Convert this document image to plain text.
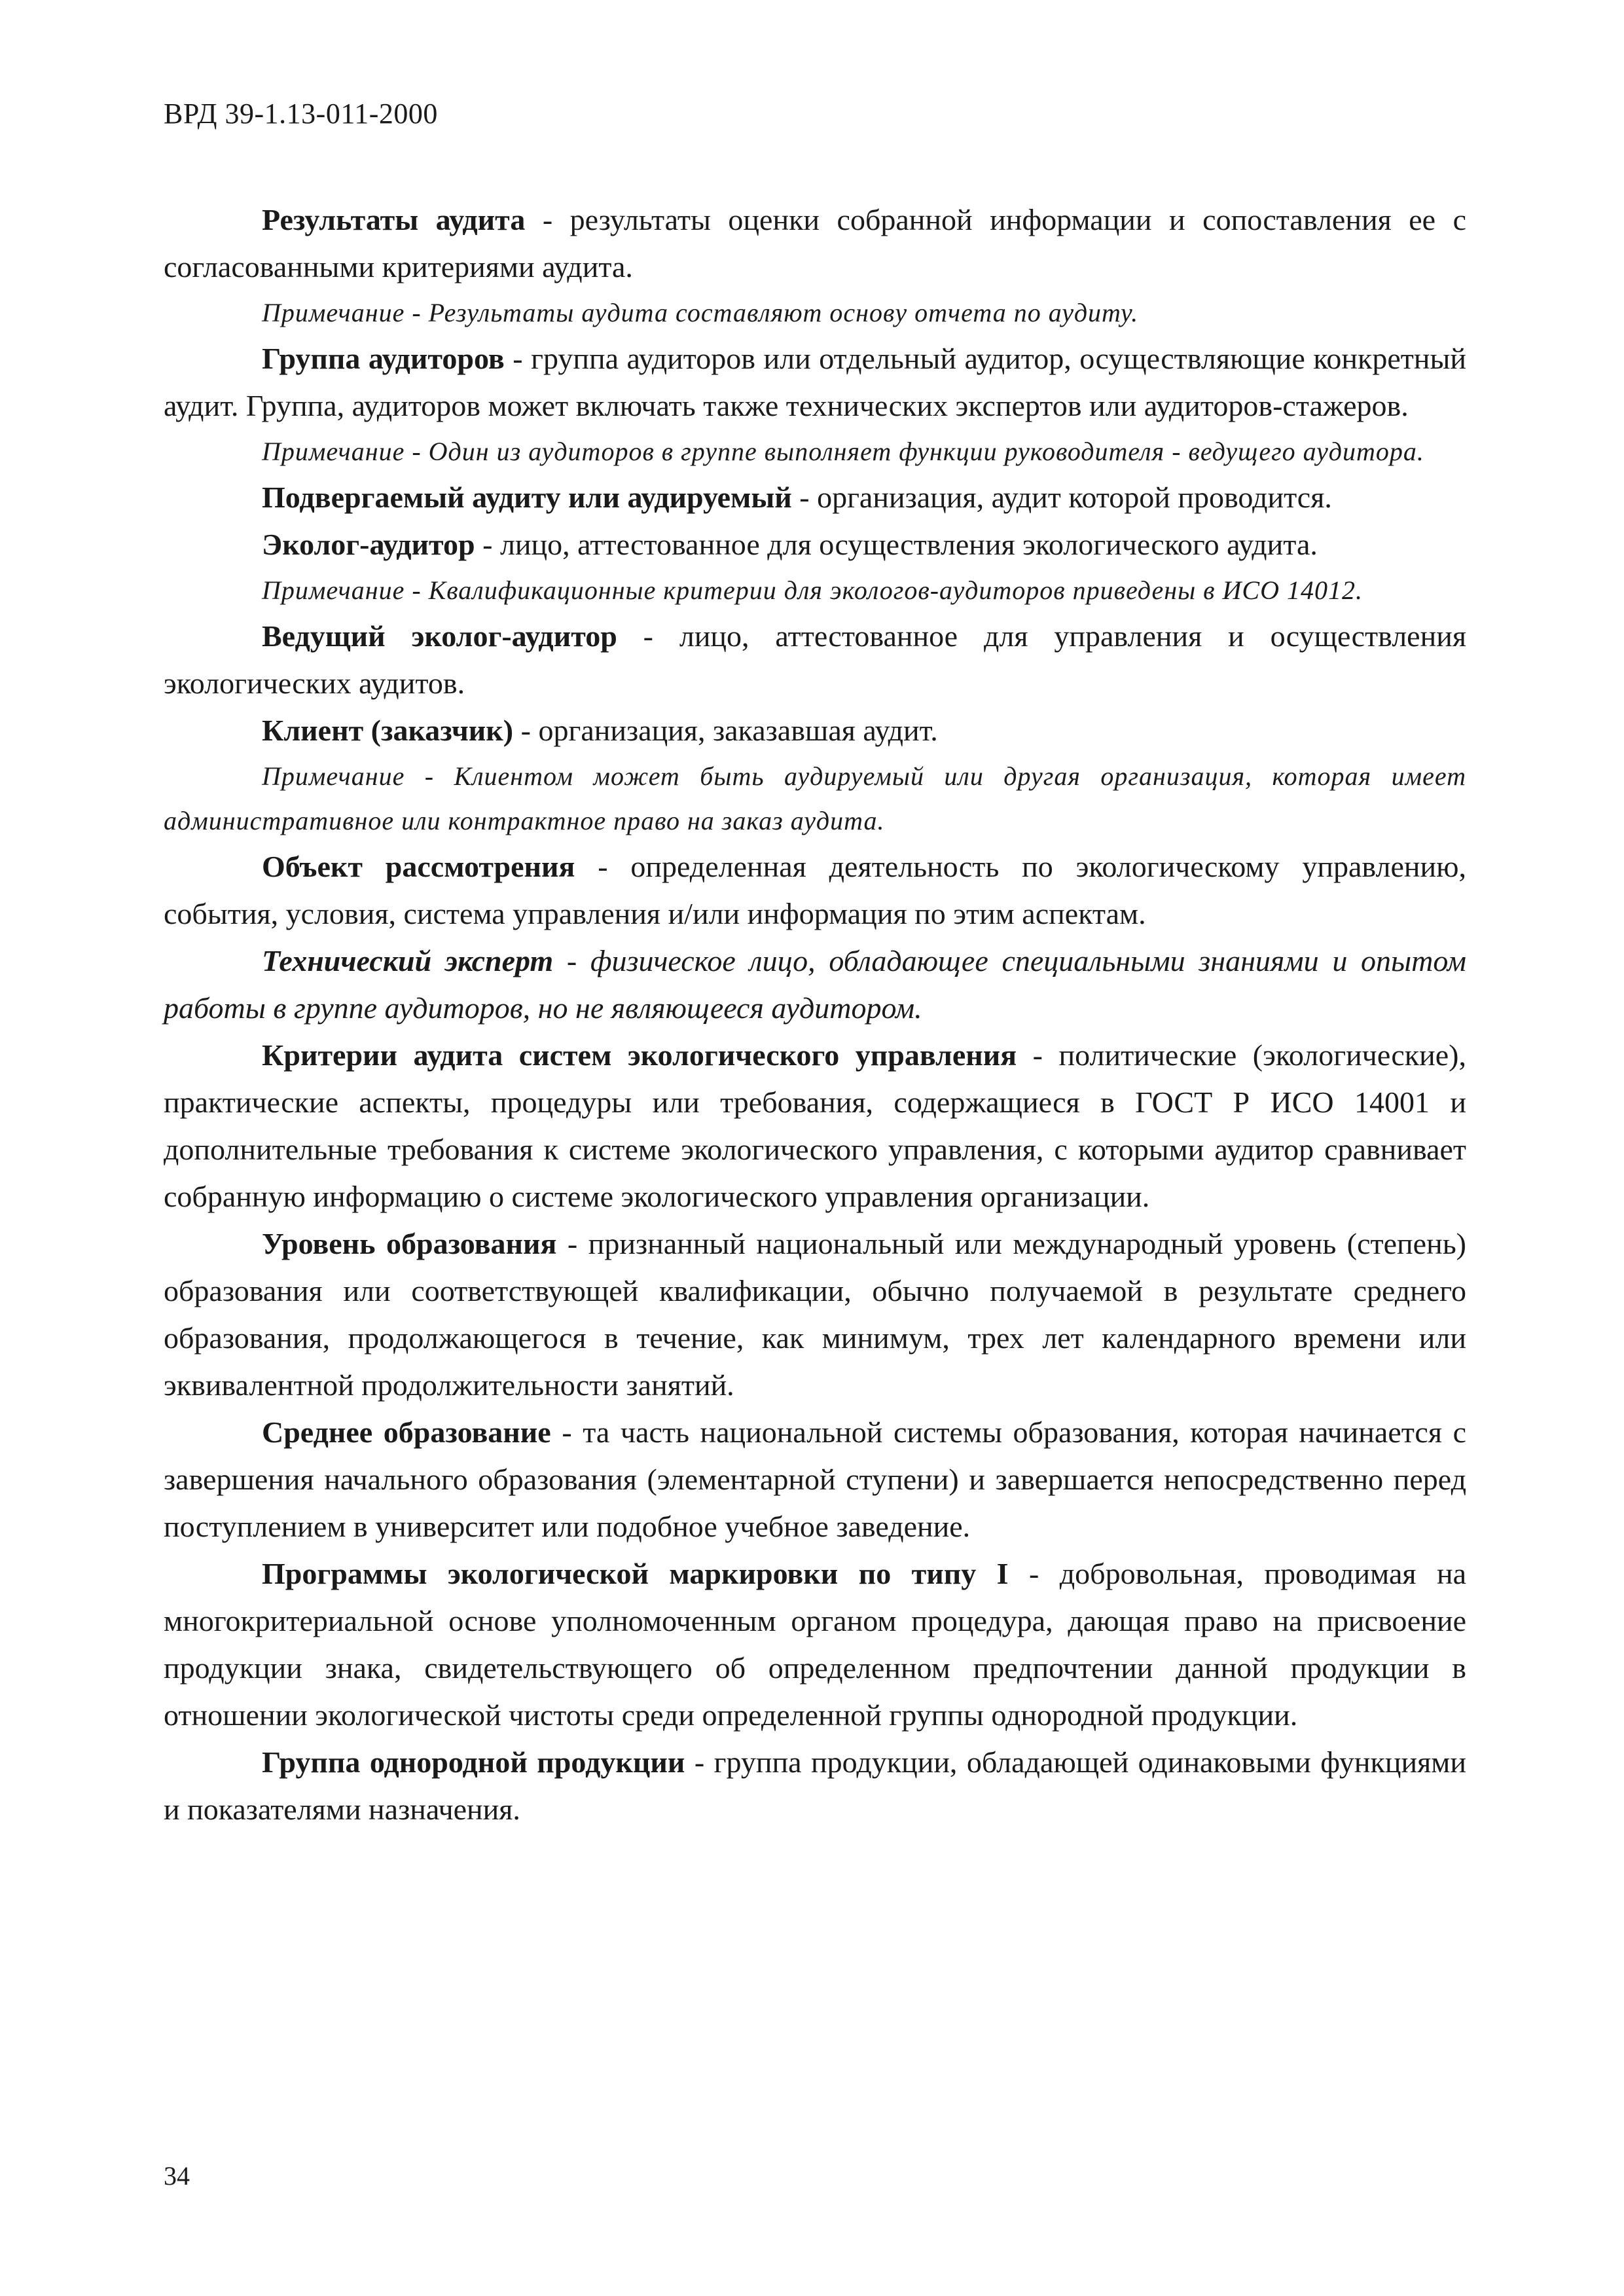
ВРД 39-1.13-011-2000

Результаты аудита - результаты оценки собранной информации и сопоставления ее с согласованными критериями аудита.

Примечание - Результаты аудита составляют основу отчета по аудиту.

Группа аудиторов - группа аудиторов или отдельный аудитор, осуществляющие конкретный аудит. Группа, аудиторов может включать также технических экспертов или аудиторов-стажеров.

Примечание - Один из аудиторов в группе выполняет функции руководителя - ведущего аудитора.

Подвергаемый аудиту или аудируемый - организация, аудит которой проводится.

Эколог-аудитор - лицо, аттестованное для осуществления экологического аудита.

Примечание - Квалификационные критерии для экологов-аудиторов приведены в ИСО 14012.

Ведущий эколог-аудитор - лицо, аттестованное для управления и осуществления экологических аудитов.

Клиент (заказчик) - организация, заказавшая аудит.

Примечание - Клиентом может быть аудируемый или другая организация, которая имеет административное или контрактное право на заказ аудита.

Объект рассмотрения - определенная деятельность по экологическому управлению, события, условия, система управления и/или информация по этим аспектам.

Технический эксперт - физическое лицо, обладающее специальными знаниями и опытом работы в группе аудиторов, но не являющееся аудитором.

Критерии аудита систем экологического управления - политические (экологические), практические аспекты, процедуры или требования, содержащиеся в ГОСТ Р ИСО 14001 и дополнительные требования к системе экологического управления, с которыми аудитор сравнивает собранную информацию о системе экологического управления организации.

Уровень образования - признанный национальный или международный уровень (степень) образования или соответствующей квалификации, обычно получаемой в результате среднего образования, продолжающегося в течение, как минимум, трех лет календарного времени или эквивалентной продолжительности занятий.

Среднее образование - та часть национальной системы образования, которая начинается с завершения начального образования (элементарной ступени) и завершается непосредственно перед поступлением в университет или подобное учебное заведение.

Программы экологической маркировки по типу I - добровольная, проводимая на многокритериальной основе уполномоченным органом процедура, дающая право на присвоение продукции знака, свидетельствующего об определенном предпочтении данной продукции в отношении экологической чистоты среди определенной группы однородной продукции.

Группа однородной продукции - группа продукции, обладающей одинаковыми функциями и показателями назначения.

34
